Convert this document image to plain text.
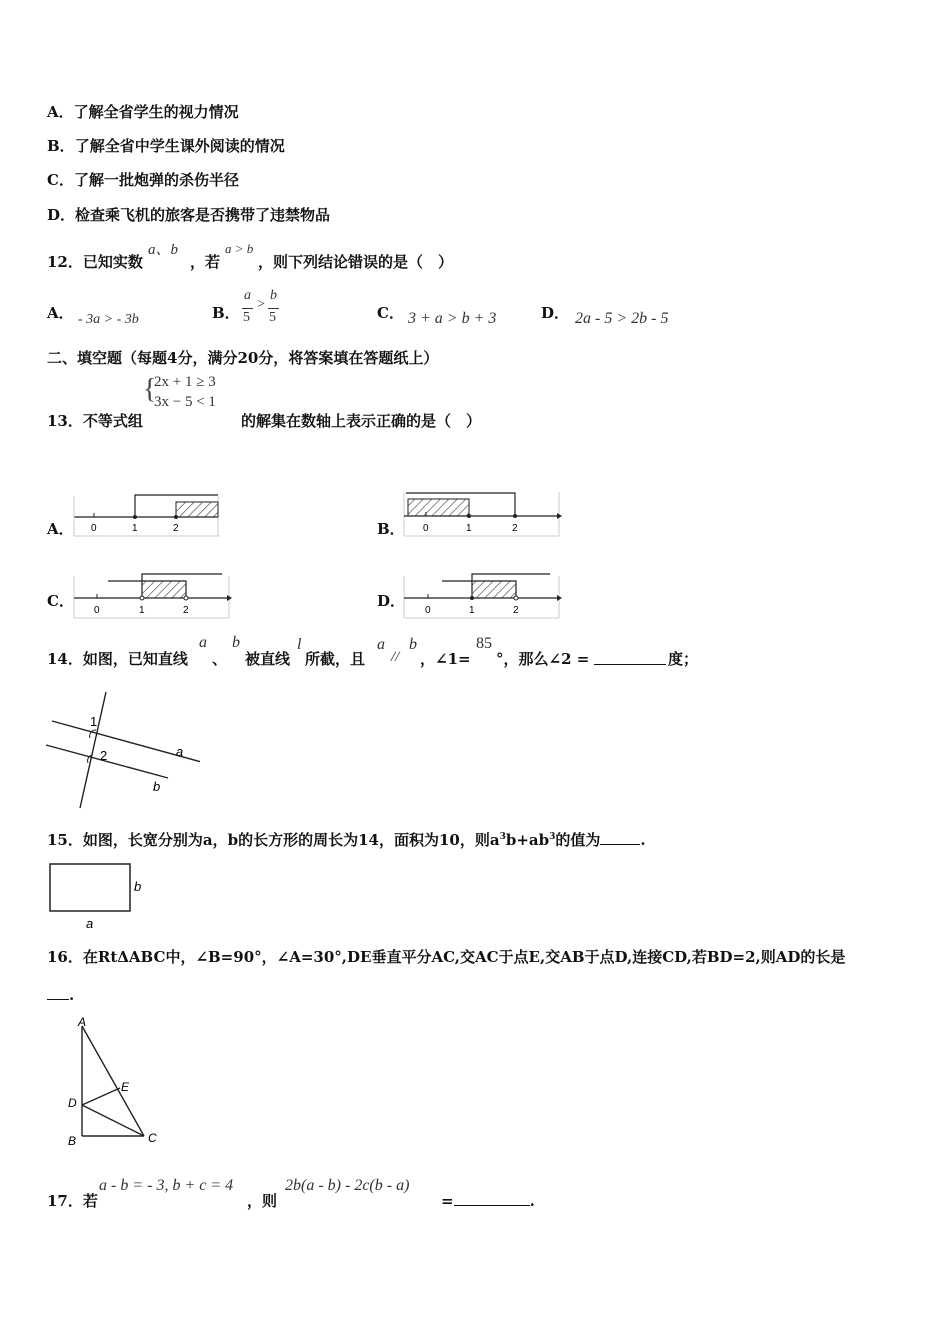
A．了解全省学生的视力情况
B．了解全省中学生课外阅读的情况
C．了解一批炮弹的杀伤半径
D．检查乘飞机的旅客是否携带了违禁物品
12．已知实数
a、b
，若
a > b
，则下列结论错误的是（　）
A． - 3a > - 3b	B．
a
5
>
b
5	C． 3 + a > b + 3	D． 2a - 5 > 2b - 5
二、填空题（每题4分，满分20分，将答案填在答题纸上）
13．不等式组
{
2x + 1 ≥ 3
3x − 5 < 1
的解集在数轴上表示正确的是（　）
A． 0	1	2	B． 0	1	2
C．
0	1	2
D．
0	1	2
14．如图，已知直线
a
、
b
被直线
l
所截，且
a
//
b
，∠1=
85
°，那么∠2 =	度；
1
2	a
b
15．如图，长宽分别为a，b的长方形的周长为14，面积为10，则$a^3b+ab^3$的值为	.
b
a
16．在RtΔABC中，∠B=90°，∠A=30°,DE垂直平分AC,交AC于点E,交AB于点D,连接CD,若BD=2,则AD的长是
.
A
D
E
B	C
17．若
a - b = - 3, b + c = 4
，则
2b(a - b) - 2c(b - a)
=	.
